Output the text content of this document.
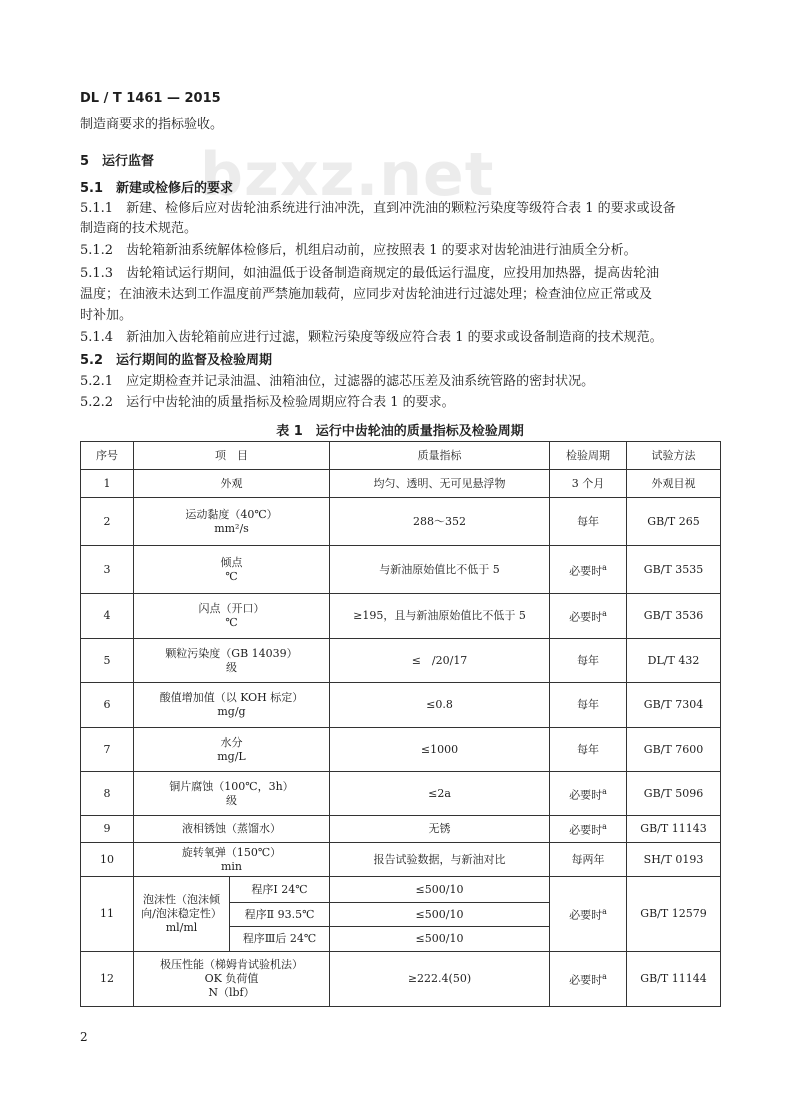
DL / T 1461 — 2015
bzxz.net
制造商要求的指标验收。
5　运行监督
5.1　新建或检修后的要求
5.1.1　新建、检修后应对齿轮油系统进行油冲洗，直到冲洗油的颗粒污染度等级符合表 1 的要求或设备
制造商的技术规范。
5.1.2　齿轮箱新油系统解体检修后，机组启动前，应按照表 1 的要求对齿轮油进行油质全分析。
5.1.3　齿轮箱试运行期间，如油温低于设备制造商规定的最低运行温度，应投用加热器，提高齿轮油
温度；在油液未达到工作温度前严禁施加载荷，应同步对齿轮油进行过滤处理；检查油位应正常或及
时补加。
5.1.4　新油加入齿轮箱前应进行过滤，颗粒污染度等级应符合表 1 的要求或设备制造商的技术规范。
5.2　运行期间的监督及检验周期
5.2.1　应定期检查并记录油温、油箱油位，过滤器的滤芯压差及油系统管路的密封状况。
5.2.2　运行中齿轮油的质量指标及检验周期应符合表 1 的要求。
表 1　运行中齿轮油的质量指标及检验周期
序号	项　目		质量指标	检验周期	试验方法
1	外观		均匀、透明、无可见悬浮物	3 个月	外观目视
2	运动黏度（40℃）
mm²/s		288～352	每年	GB/T 265
3	倾点
℃		与新油原始值比不低于 5	必要时$^a$	GB/T 3535
4	闪点（开口）
℃		≥195，且与新油原始值比不低于 5	必要时$^a$	GB/T 3536
5	颗粒污染度（GB 14039）
级		≤　/20/17	每年	DL/T 432
6	酸值增加值（以 KOH 标定）
mg/g		≤0.8	每年	GB/T 7304
7	水分
mg/L		≤1000	每年	GB/T 7600
8	铜片腐蚀（100℃，3h）
级		≤2a	必要时$^a$	GB/T 5096
9	液相锈蚀（蒸馏水）		无锈	必要时$^a$	GB/T 11143
10	旋转氧弹（150℃）
min		报告试验数据，与新油对比	每两年	SH/T 0193
11	泡沫性（泡沫倾
向/泡沫稳定性）
ml/ml	程序Ⅰ 24℃	≤500/10	必要时$^a$	GB/T 12579
		程序Ⅱ 93.5℃	≤500/10		
		程序Ⅲ后 24℃	≤500/10		
12	极压性能（梯姆肯试验机法）
OK 负荷值
N（lbf）		≥222.4(50)	必要时$^a$	GB/T 11144
2
